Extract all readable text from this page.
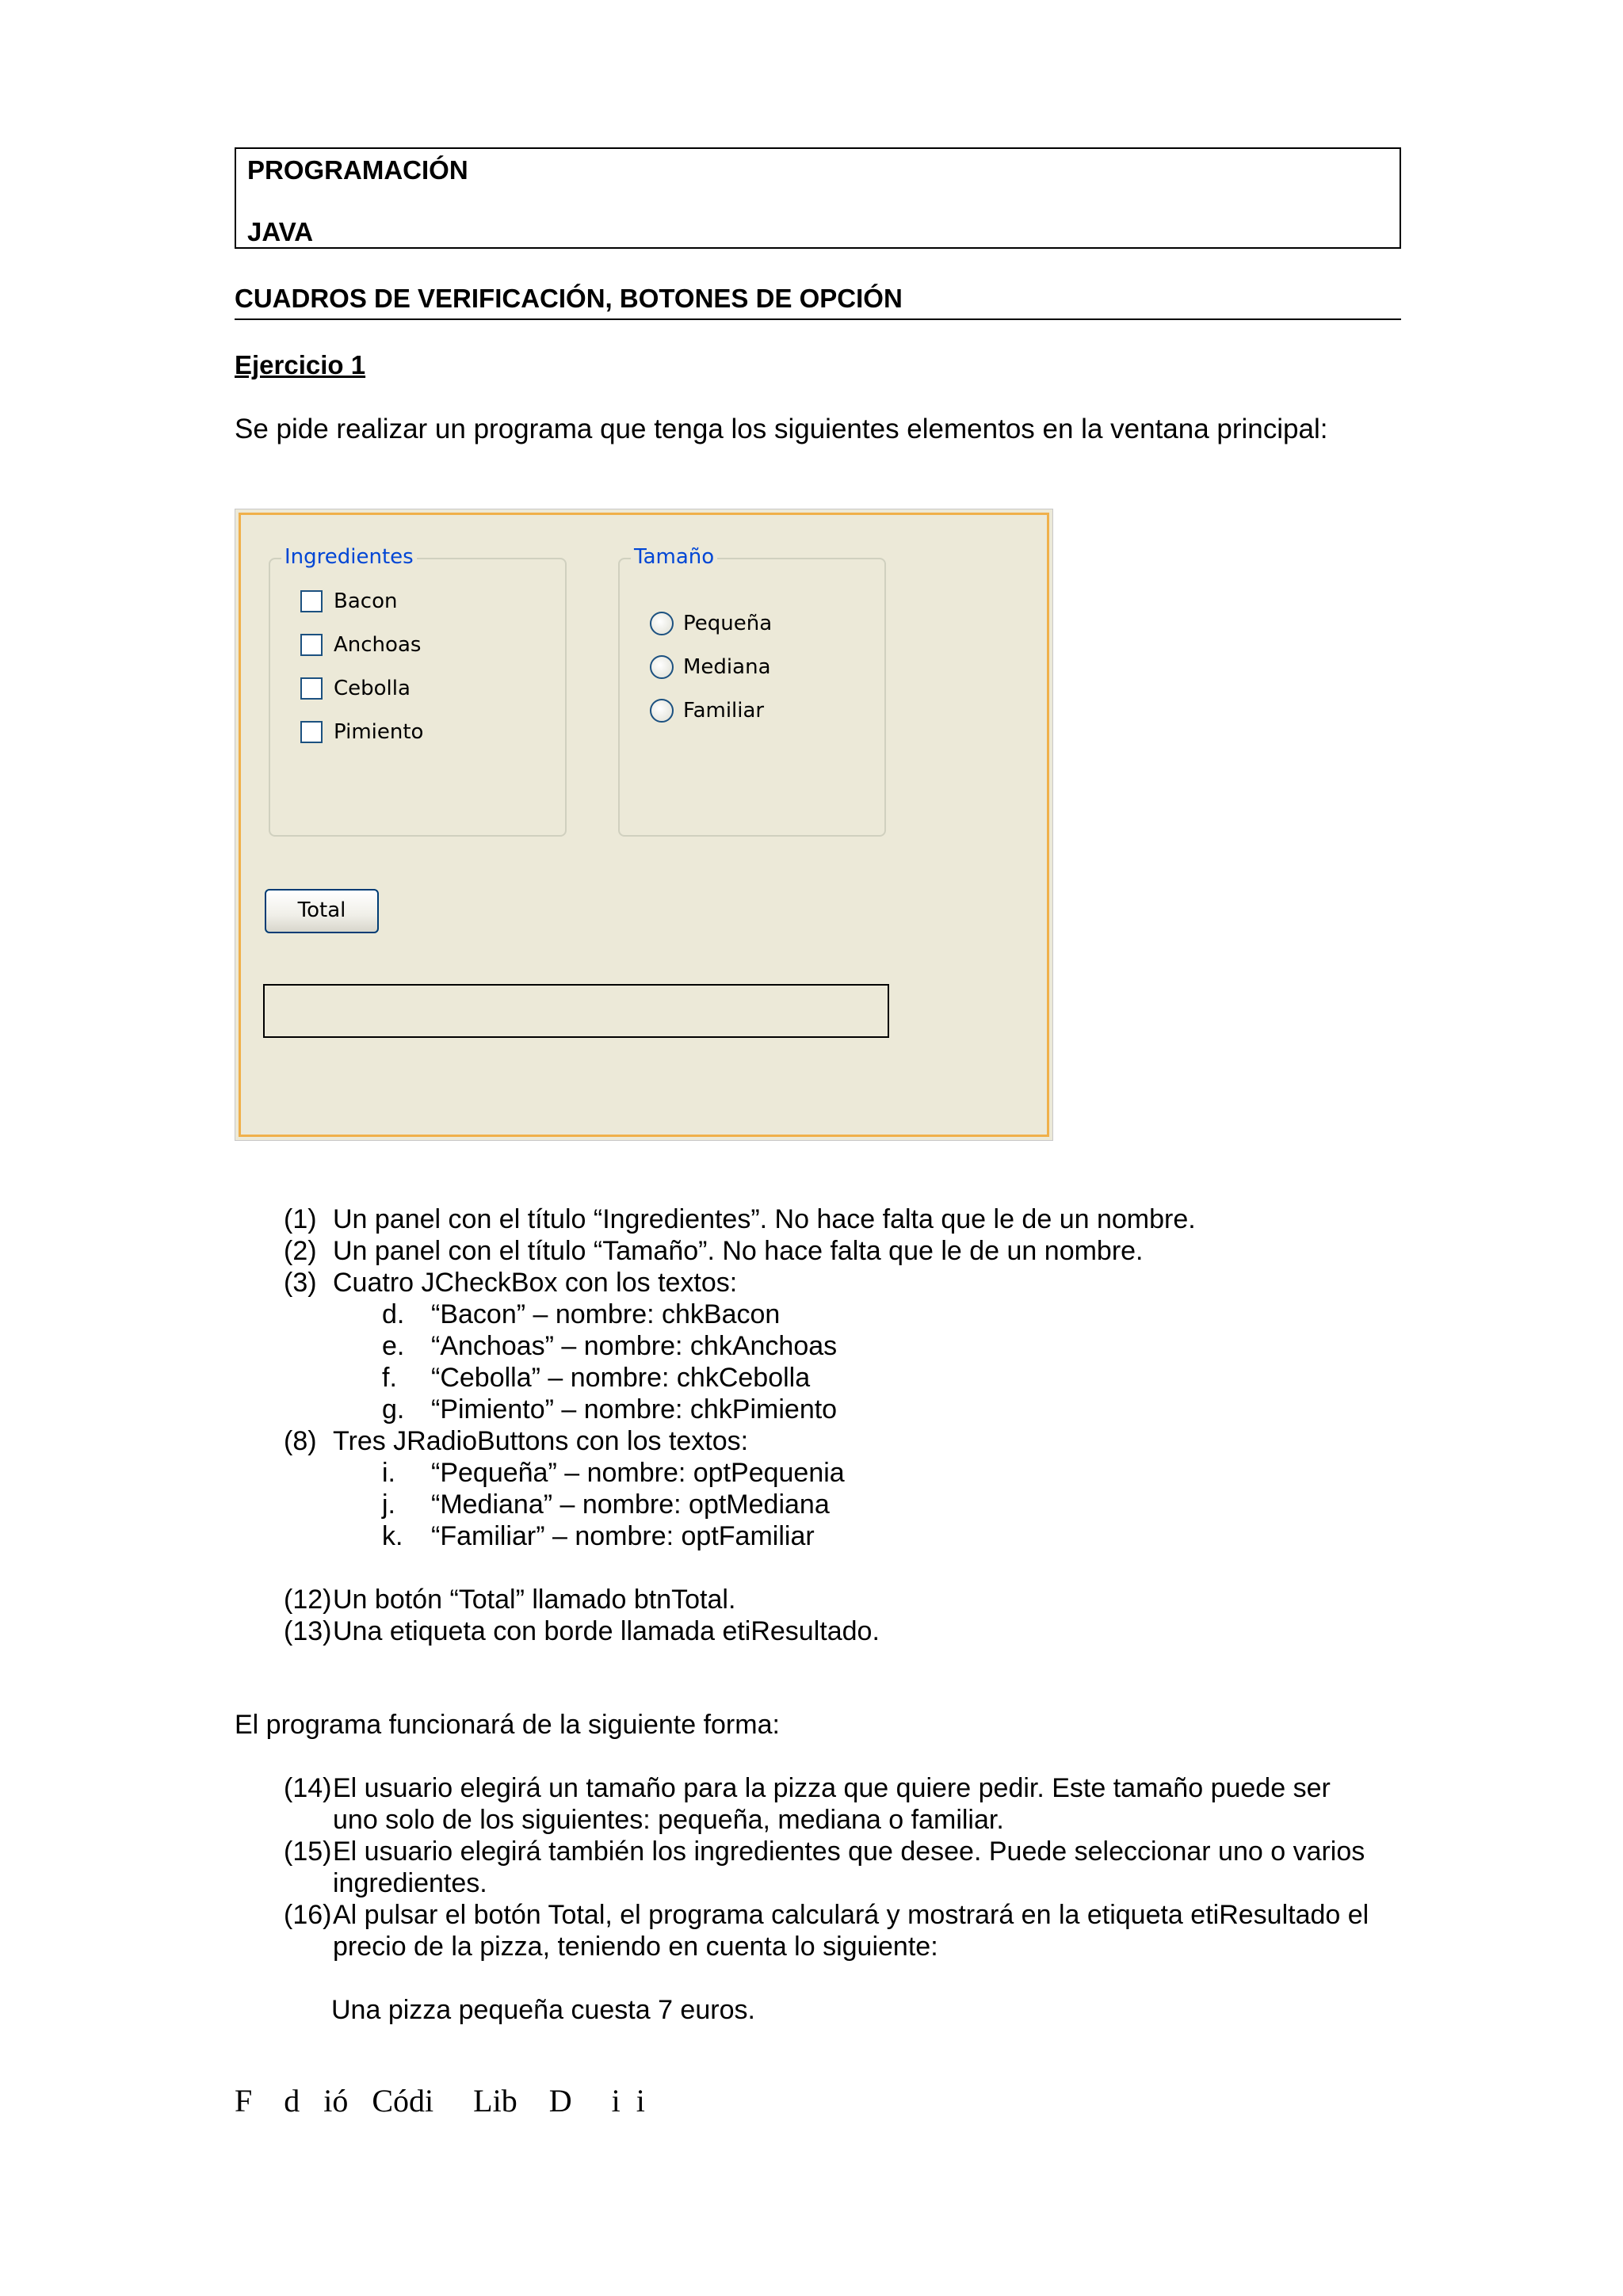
PROGRAMACIÓN
JAVA
CUADROS DE VERIFICACIÓN, BOTONES DE OPCIÓN
Ejercicio 1
Se pide realizar un programa que tenga los siguientes elementos en la ventana principal:
Ingredientes
Bacon
Anchoas
Cebolla
Pimiento
Tamaño
Pequeña
Mediana
Familiar
Total
(1) Un panel con el título “Ingredientes”. No hace falta que le de un nombre.
(2) Un panel con el título “Tamaño”. No hace falta que le de un nombre.
(3) Cuatro JCheckBox con los textos:
d. “Bacon” – nombre: chkBacon
e. “Anchoas” – nombre: chkAnchoas
f. “Cebolla” – nombre: chkCebolla
g. “Pimiento” – nombre: chkPimiento
(8) Tres JRadioButtons con los textos:
i. “Pequeña” – nombre: optPequenia
j. “Mediana” – nombre: optMediana
k. “Familiar” – nombre: optFamiliar
(12) Un botón “Total” llamado btnTotal.
(13) Una etiqueta con borde llamada etiResultado.
El programa funcionará de la siguiente forma:
(14) El usuario elegirá un tamaño para la pizza que quiere pedir. Este tamaño puede ser
uno solo de los siguientes: pequeña, mediana o familiar.
(15) El usuario elegirá también los ingredientes que desee. Puede seleccionar uno o varios
ingredientes.
(16) Al pulsar el botón Total, el programa calculará y mostrará en la etiqueta etiResultado el
precio de la pizza, teniendo en cuenta lo siguiente:
Una pizza pequeña cuesta 7 euros.
F    d   ió   Códi     Lib    D     i  i
